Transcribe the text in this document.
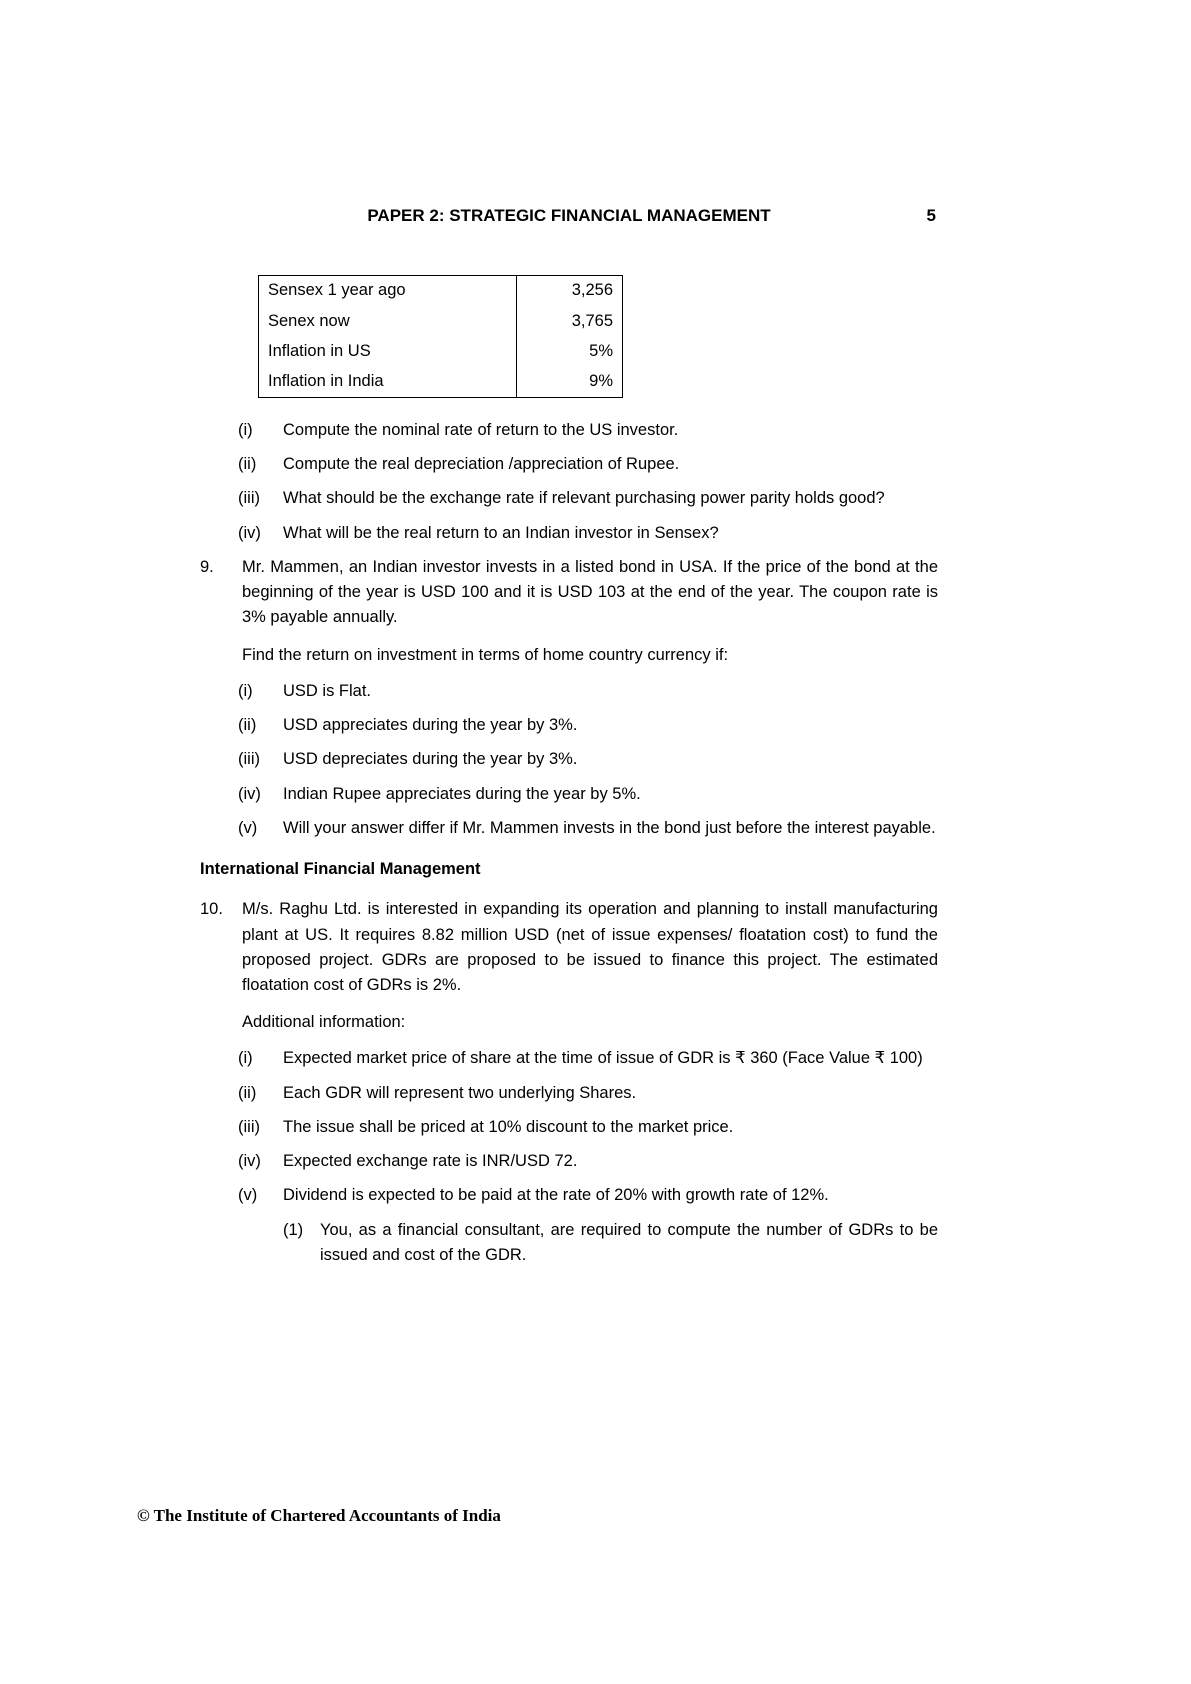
PAPER 2: STRATEGIC FINANCIAL MANAGEMENT	5
Sensex 1 year ago	3,256
Senex now	3,765
Inflation in US	5%
Inflation in India	9%
(i)	Compute the nominal rate of return to the US investor.
(ii)	Compute the real depreciation /appreciation of Rupee.
(iii)	What should be the exchange rate if relevant purchasing power parity holds good?
(iv)	What will be the real return to an Indian investor in Sensex?
9.	Mr. Mammen, an Indian investor invests in a listed bond in USA. If the price of the bond at the beginning of the year is USD 100 and it is USD 103 at the end of the year. The coupon rate is 3% payable annually.
Find the return on investment in terms of home country currency if:
(i)	USD is Flat.
(ii)	USD appreciates during the year by 3%.
(iii)	USD depreciates during the year by 3%.
(iv)	Indian Rupee appreciates during the year by 5%.
(v)	Will your answer differ if Mr. Mammen invests in the bond just before the interest payable.
International Financial Management
10.	M/s. Raghu Ltd. is interested in expanding its operation and planning to install manufacturing plant at US. It requires 8.82 million USD (net of issue expenses/ floatation cost) to fund the proposed project. GDRs are proposed to be issued to finance this project. The estimated floatation cost of GDRs is 2%.
Additional information:
(i)	Expected market price of share at the time of issue of GDR is ₹ 360 (Face Value ₹ 100)
(ii)	Each GDR will represent two underlying Shares.
(iii)	The issue shall be priced at 10% discount to the market price.
(iv)	Expected exchange rate is INR/USD 72.
(v)	Dividend is expected to be paid at the rate of 20% with growth rate of 12%.
(1)	You, as a financial consultant, are required to compute the number of GDRs to be issued and cost of the GDR.
© The Institute of Chartered Accountants of India
